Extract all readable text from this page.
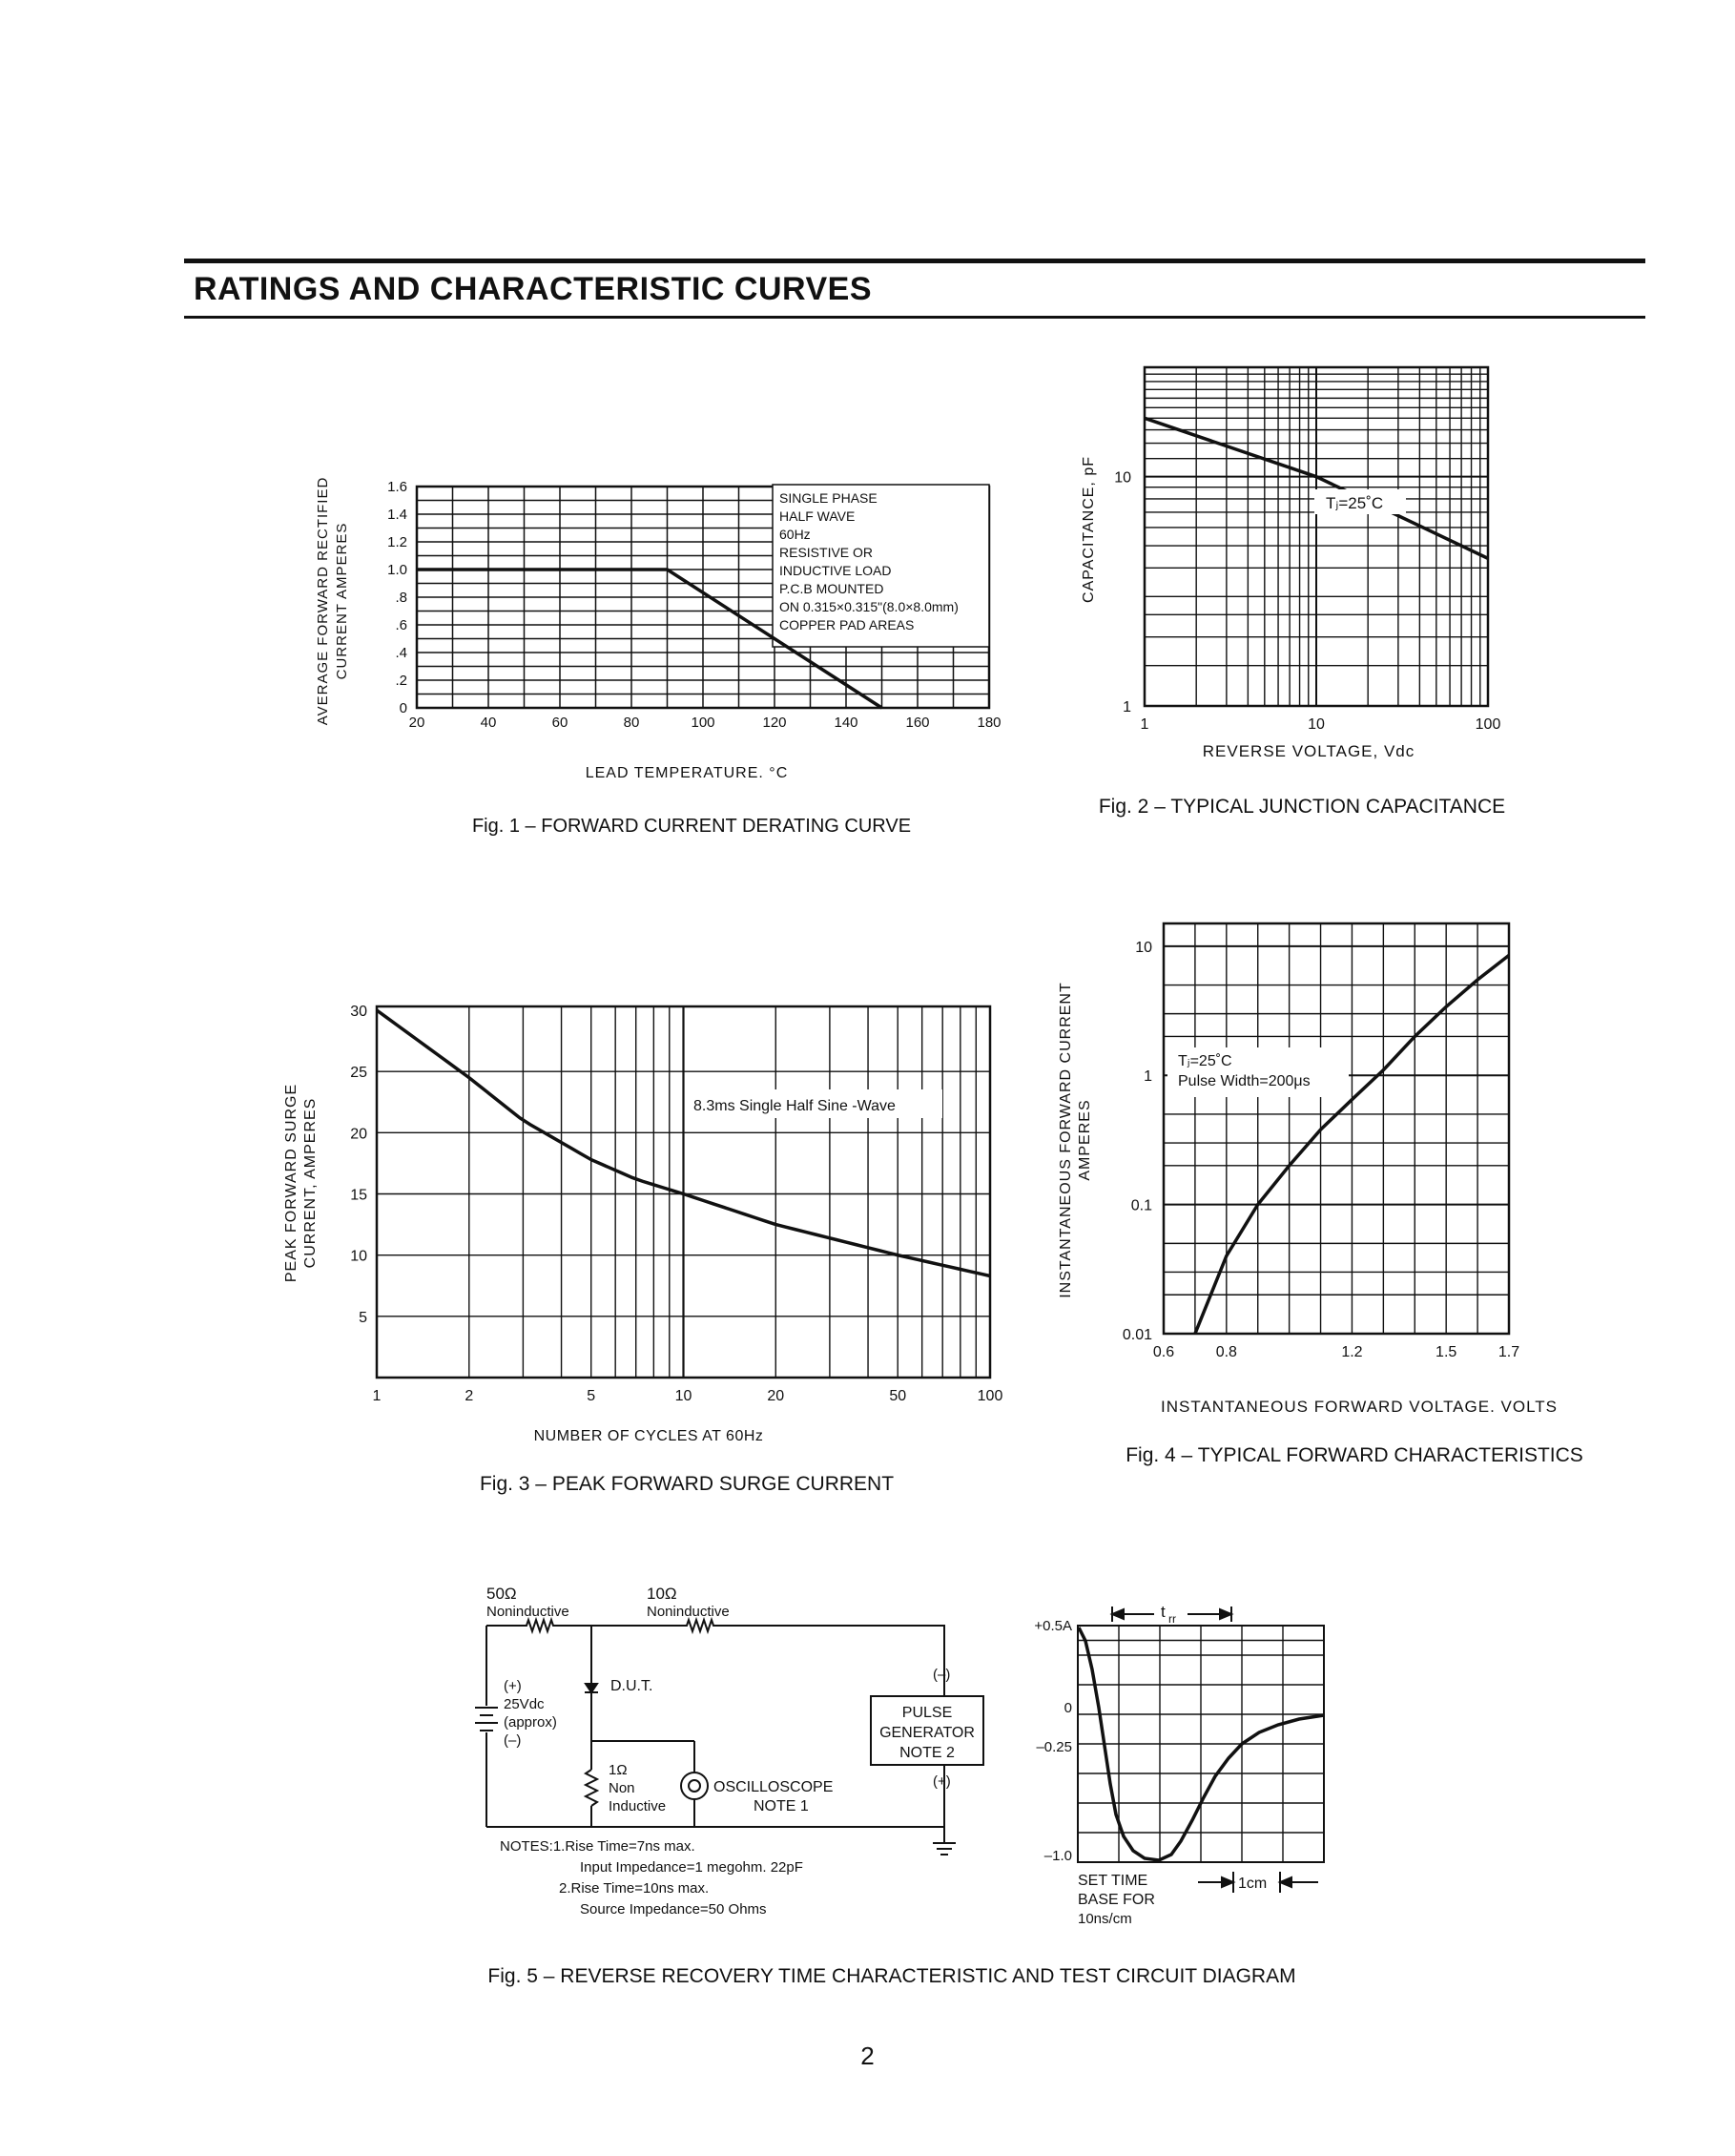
RATINGS AND CHARACTERISTIC CURVES
SINGLE PHASE
HALF WAVE
60Hz
RESISTIVE OR
INDUCTIVE LOAD
P.C.B MOUNTED
ON 0.315×0.315"(8.0×8.0mm)
COPPER PAD AREAS
20	40	60	80	100	120	140	160	180
0
.2
.4
.6
.8
1.0
1.2
1.4
1.6
AVERAGE FORWARD RECTIFIED CURRENT AMPERES
LEAD TEMPERATURE. °C
Fig. 1 – FORWARD CURRENT DERATING CURVE
Tⱼ=25˚C
1	10	100
1
10
CAPACITANCE, pF
REVERSE VOLTAGE, Vdc
Fig. 2 – TYPICAL JUNCTION CAPACITANCE
8.3ms Single Half Sine -Wave
1	2	5	10	20	50	100
5
10
15
20
25
30
PEAK FORWARD SURGE CURRENT, AMPERES
NUMBER OF CYCLES AT 60Hz
Fig. 3 – PEAK FORWARD SURGE CURRENT
Tⱼ=25˚C
Pulse Width=200μs
0.6	0.8	1.2	1.5	1.7
0.01
0.1
1
10
INSTANTANEOUS FORWARD CURRENT AMPERES
INSTANTANEOUS FORWARD VOLTAGE. VOLTS
Fig. 4 – TYPICAL FORWARD CHARACTERISTICS
50Ω
Noninductive
10Ω
Noninductive
D.U.T.
(+)
25Vdc
(approx)
(–)
1Ω
Non
Inductive
OSCILLOSCOPE
NOTE 1
PULSE
GENERATOR
NOTE 2
(–)
(+)
NOTES:1.Rise Time=7ns max.
Input Impedance=1 megohm. 22pF
2.Rise Time=10ns max.
Source Impedance=50 Ohms
t rr
+0.5A
0
–0.25
–1.0
SET TIME
BASE FOR
10ns/cm
1cm
Fig. 5 – REVERSE RECOVERY TIME CHARACTERISTIC AND TEST CIRCUIT DIAGRAM
2
